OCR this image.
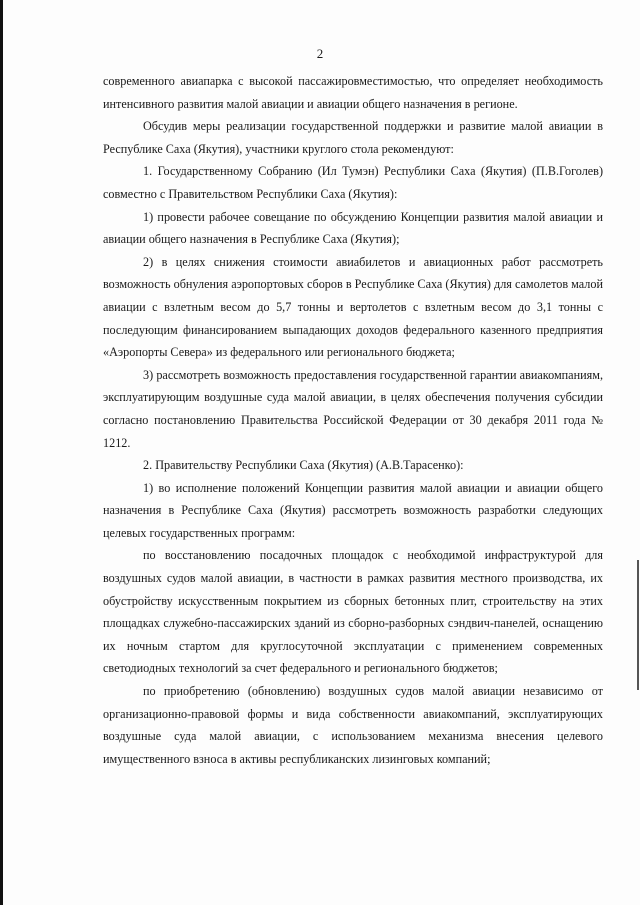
2

современного авиапарка с высокой пассажировместимостью, что определяет необходимость интенсивного развития малой авиации и авиации общего назначения в регионе.

Обсудив меры реализации государственной поддержки и развитие малой авиации в Республике Саха (Якутия), участники круглого стола рекомендуют:

1. Государственному Собранию (Ил Тумэн) Республики Саха (Якутия) (П.В.Гоголев) совместно с Правительством Республики Саха (Якутия):

1) провести рабочее совещание по обсуждению Концепции развития малой авиации и авиации общего назначения в Республике Саха (Якутия);

2) в целях снижения стоимости авиабилетов и авиационных работ рассмотреть возможность обнуления аэропортовых сборов в Республике Саха (Якутия) для самолетов малой авиации с взлетным весом до 5,7 тонны и вертолетов с взлетным весом до 3,1 тонны с последующим финансированием выпадающих доходов федерального казенного предприятия «Аэропорты Севера» из федерального или регионального бюджета;

3) рассмотреть возможность предоставления государственной гарантии авиакомпаниям, эксплуатирующим воздушные суда малой авиации, в целях обеспечения получения субсидии согласно постановлению Правительства Российской Федерации от 30 декабря 2011 года № 1212.

2. Правительству Республики Саха (Якутия) (А.В.Тарасенко):

1) во исполнение положений Концепции развития малой авиации и авиации общего назначения в Республике Саха (Якутия) рассмотреть возможность разработки следующих целевых государственных программ:

по восстановлению посадочных площадок с необходимой инфраструктурой для воздушных судов малой авиации, в частности в рамках развития местного производства, их обустройству искусственным покрытием из сборных бетонных плит, строительству на этих площадках служебно-пассажирских зданий из сборно-разборных сэндвич-панелей, оснащению их ночным стартом для круглосуточной эксплуатации с применением современных светодиодных технологий за счет федерального и регионального бюджетов;

по приобретению (обновлению) воздушных судов малой авиации независимо от организационно-правовой формы и вида собственности авиакомпаний, эксплуатирующих воздушные суда малой авиации, с использованием механизма внесения целевого имущественного взноса в активы республиканских лизинговых компаний;
